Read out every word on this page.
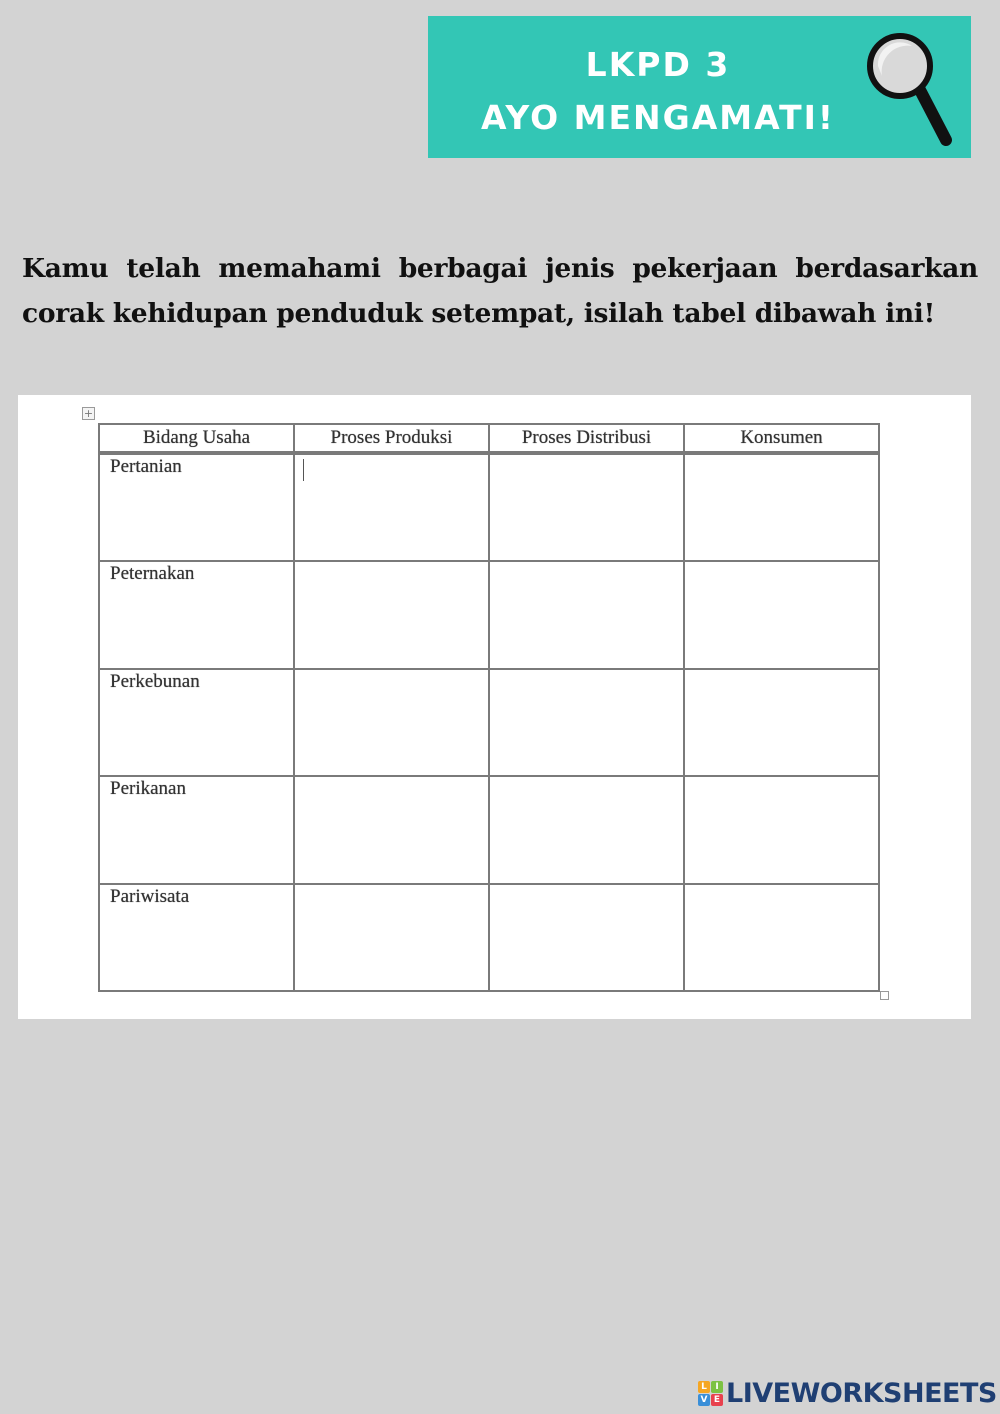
LKPD 3
AYO MENGAMATI!
Kamu telah memahami berbagai jenis pekerjaan berdasarkan corak kehidupan penduduk setempat, isilah tabel dibawah ini!
+
Bidang Usaha	Proses Produksi	Proses Distribusi	Konsumen

Pertanian			

Peternakan			

Perkebunan			

Perikanan			

Pariwisata			

L I
V E LIVEWORKSHEETS
